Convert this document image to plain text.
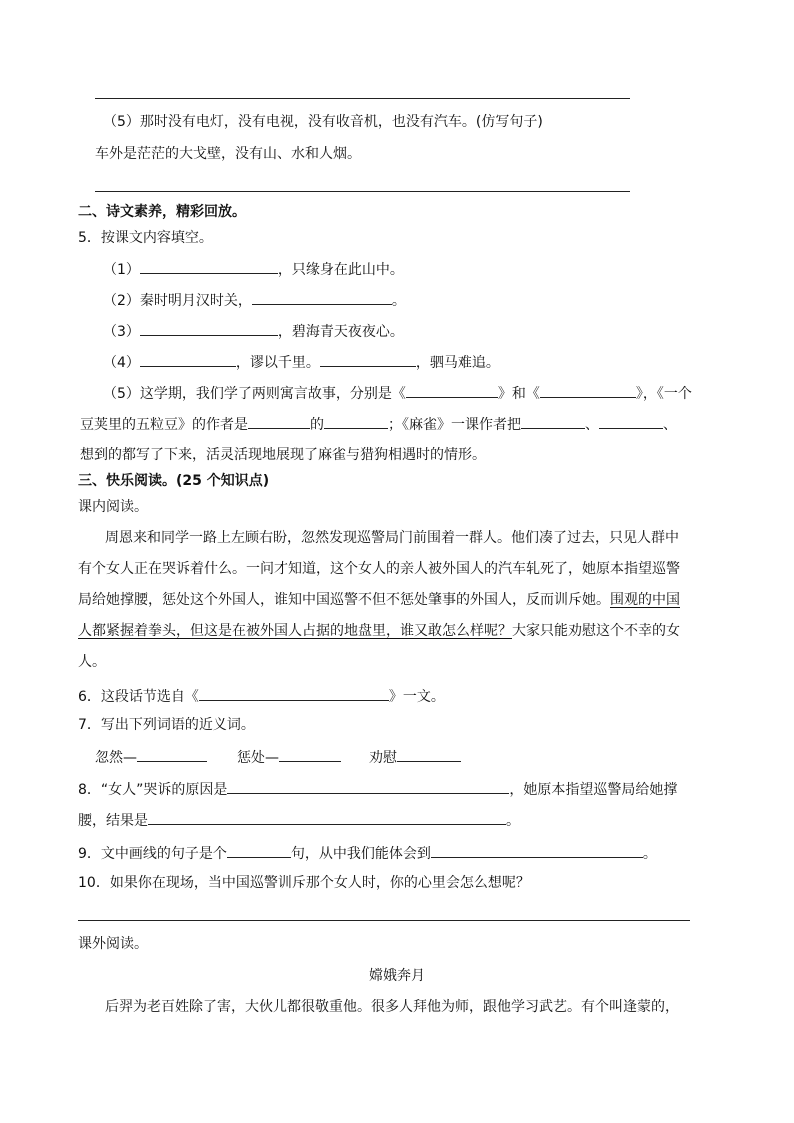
（5）那时没有电灯，没有电视，没有收音机，也没有汽车。(仿写句子)
车外是茫茫的大戈壁，没有山、水和人烟。
二、诗文素养，精彩回放。
5．按课文内容填空。
（1）	，只缘身在此山中。
（2）秦时明月汉时关，	。
（3）	，碧海青天夜夜心。
（4）	，谬以千里。	，驷马难追。
（5）这学期，我们学了两则寓言故事，分别是《	》和《	》，《一个
豆荚里的五粒豆》的作者是	的	；《麻雀》一课作者把	、	、
想到的都写了下来，活灵活现地展现了麻雀与猎狗相遇时的情形。
三、快乐阅读。(25 个知识点)
课内阅读。
周恩来和同学一路上左顾右盼，忽然发现巡警局门前围着一群人。他们凑了过去，只见人群中
有个女人正在哭诉着什么。一问才知道，这个女人的亲人被外国人的汽车轧死了，她原本指望巡警
局给她撑腰，惩处这个外国人，谁知中国巡警不但不惩处肇事的外国人，反而训斥她。围观的中国
人都紧握着拳头，但这是在被外国人占据的地盘里，谁又敢怎么样呢？大家只能劝慰这个不幸的女
人。
6．这段话节选自《	》一文。
7．写出下列词语的近义词。
忽然—	惩处—	劝慰
8．“女人”哭诉的原因是	，她原本指望巡警局给她撑
腰，结果是	。
9．文中画线的句子是个	句，从中我们能体会到	。
10．如果你在现场，当中国巡警训斥那个女人时，你的心里会怎么想呢？
课外阅读。
嫦娥奔月
后羿为老百姓除了害，大伙儿都很敬重他。很多人拜他为师，跟他学习武艺。有个叫逢蒙的，
